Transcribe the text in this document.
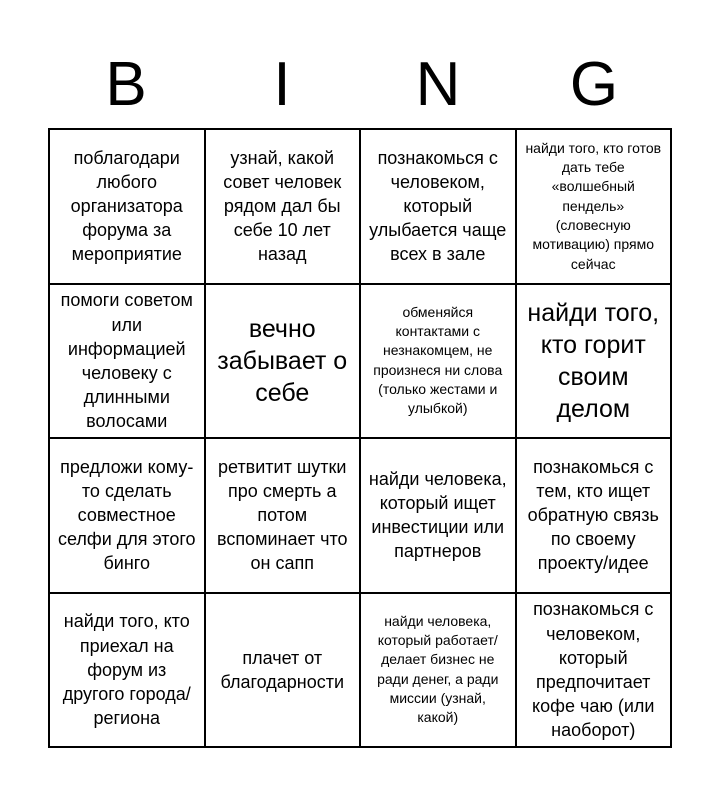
B	I	N	G
поблагодари любого организатора форума за мероприятие
узнай, какой совет человек рядом дал бы себе 10 лет назад
познакомься с человеком, который улыбается чаще всех в зале
найди того, кто готов дать тебе «волшебный пендель» (словесную мотивацию) прямо сейчас
помоги советом или информацией человеку с длинными волосами
вечно забывает о себе
обменяйся контактами с незнакомцем, не произнеся ни слова (только жестами и улыбкой)
найди того, кто горит своим делом
предложи кому-то сделать совместное селфи для этого бинго
ретвитит шутки про смерть а потом вспоминает что он сапп
найди человека, который ищет инвестиции или партнеров
познакомься с тем, кто ищет обратную связь по своему проекту/идее
найди того, кто приехал на форум из другого города/ региона
плачет от благодарности
найди человека, который работает/делает бизнес не ради денег, а ради миссии (узнай, какой)
познакомься с человеком, который предпочитает кофе чаю (или наоборот)
